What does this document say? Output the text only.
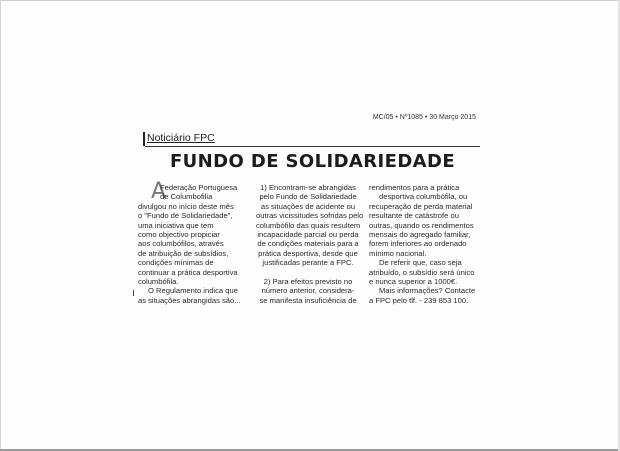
MC/05 • Nº1085 • 30 Março 2015
Noticiário FPC
FUNDO DE SOLIDARIEDADE
A
Federação Portuguesa
de Columbofilia
divulgou no início deste mês
o "Fundo de Solidariedade",
uma iniciativa que tem
como objectivo propiciar
aos columbófilos, através
de atribuição de subsídios,
condições mínimas de
continuar a prática desportiva
columbófila.
O Regulamento indica que
as situações abrangidas são...
1) Encontram-se abrangidas
pelo Fundo de Solidariedade
as situações de acidente ou
outras vicissitudes sofridas pelo
columbófilo das quais resultem
incapacidade parcial ou perda
de condições materiais para a
prática desportiva, desde que
justificadas perante a FPC.
2) Para efeitos previsto no
número anterior, considera-
se manifesta insuficiência de
rendimentos para a prática
desportiva columbófila, ou
recuperação de perda material
resultante de catástrofe ou
outras, quando os rendimentos
mensais do agregado familiar,
forem inferiores ao ordenado
mínimo nacional.
De referir que, caso seja
atribuído, o subsídio será único
e nunca superior a 1000€.
Mais informações? Contacte
a FPC pelo tlf. - 239 853 100.
